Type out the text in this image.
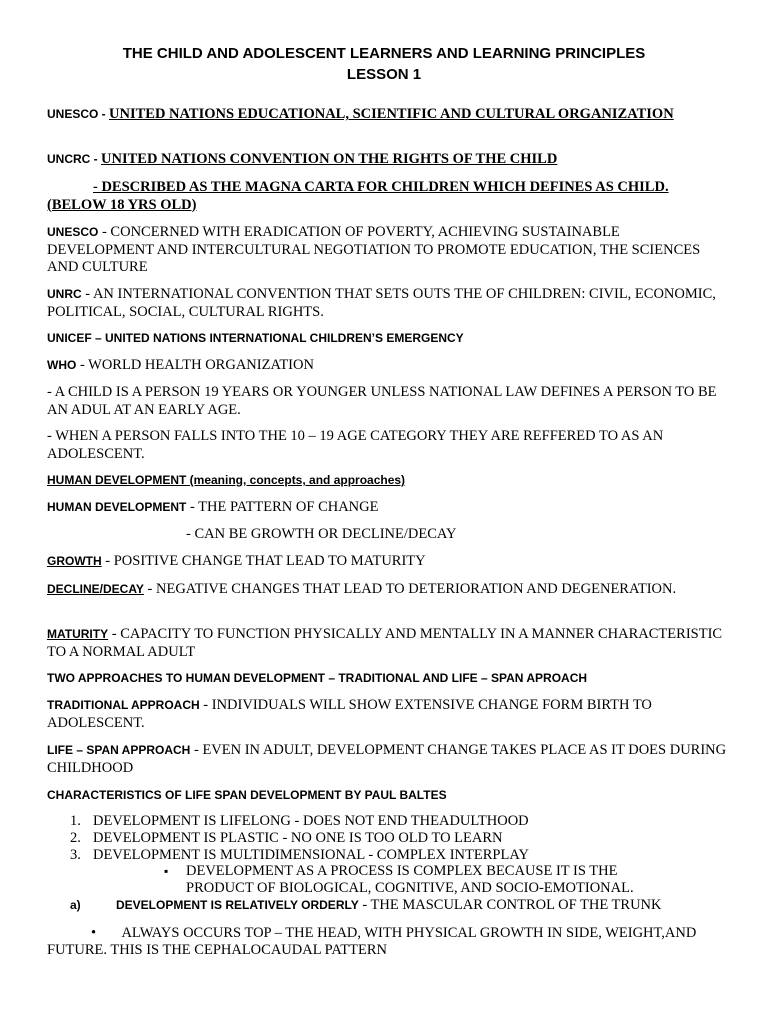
THE CHILD AND ADOLESCENT LEARNERS AND LEARNING PRINCIPLES
LESSON 1
UNESCO - UNITED NATIONS EDUCATIONAL, SCIENTIFIC AND CULTURAL ORGANIZATION
UNCRC - UNITED NATIONS CONVENTION ON THE RIGHTS OF THE CHILD
- DESCRIBED AS THE MAGNA CARTA FOR CHILDREN WHICH DEFINES AS CHILD. (BELOW 18 YRS OLD)
UNESCO - CONCERNED WITH ERADICATION OF POVERTY, ACHIEVING SUSTAINABLE DEVELOPMENT AND INTERCULTURAL NEGOTIATION TO PROMOTE EDUCATION, THE SCIENCES AND CULTURE
UNRC - AN INTERNATIONAL CONVENTION THAT SETS OUTS THE OF CHILDREN: CIVIL, ECONOMIC, POLITICAL, SOCIAL, CULTURAL RIGHTS.
UNICEF – UNITED NATIONS INTERNATIONAL CHILDREN’S EMERGENCY
WHO - WORLD HEALTH ORGANIZATION
- A CHILD IS A PERSON 19 YEARS OR YOUNGER UNLESS NATIONAL LAW DEFINES A PERSON TO BE AN ADUL AT AN EARLY AGE.
- WHEN A PERSON FALLS INTO THE 10 – 19 AGE CATEGORY THEY ARE REFFERED TO AS AN ADOLESCENT.
HUMAN DEVELOPMENT (meaning, concepts, and approaches)
HUMAN DEVELOPMENT - THE PATTERN OF CHANGE
- CAN BE GROWTH OR DECLINE/DECAY
GROWTH - POSITIVE CHANGE THAT LEAD TO MATURITY
DECLINE/DECAY - NEGATIVE CHANGES THAT LEAD TO DETERIORATION AND DEGENERATION.
MATURITY - CAPACITY TO FUNCTION PHYSICALLY AND MENTALLY IN A MANNER CHARACTERISTIC TO A NORMAL ADULT
TWO APPROACHES TO HUMAN DEVELOPMENT – TRADITIONAL AND LIFE – SPAN APROACH
TRADITIONAL APPROACH - INDIVIDUALS WILL SHOW EXTENSIVE CHANGE FORM BIRTH TO ADOLESCENT.
LIFE – SPAN APPROACH - EVEN IN ADULT, DEVELOPMENT CHANGE TAKES PLACE AS IT DOES DURING CHILDHOOD
CHARACTERISTICS OF LIFE SPAN DEVELOPMENT BY PAUL BALTES
1. DEVELOPMENT IS LIFELONG - DOES NOT END THEADULTHOOD
2. DEVELOPMENT IS PLASTIC - NO ONE IS TOO OLD TO LEARN
3. DEVELOPMENT IS MULTIDIMENSIONAL - COMPLEX INTERPLAY
▪ DEVELOPMENT AS A PROCESS IS COMPLEX BECAUSE IT IS THE PRODUCT OF BIOLOGICAL, COGNITIVE, AND SOCIO-EMOTIONAL.
a)	DEVELOPMENT IS RELATIVELY ORDERLY - THE MASCULAR CONTROL OF THE TRUNK
• ALWAYS OCCURS TOP – THE HEAD, WITH PHYSICAL GROWTH IN SIDE, WEIGHT,AND FUTURE. THIS IS THE CEPHALOCAUDAL PATTERN
